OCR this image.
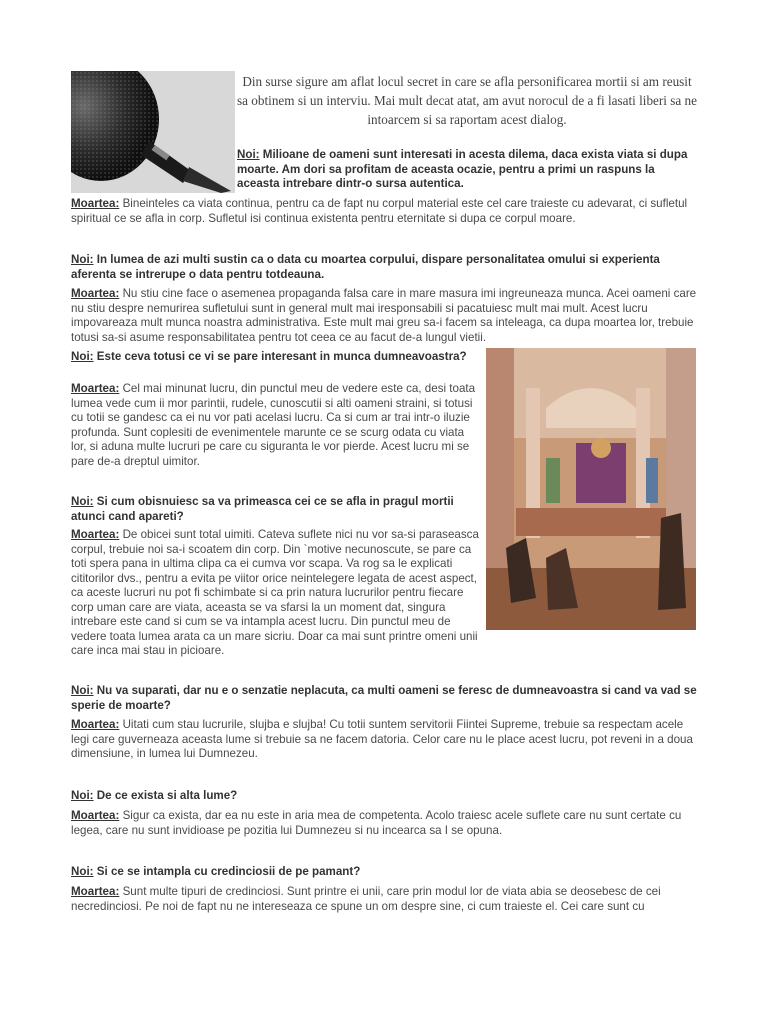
Din surse sigure am aflat locul secret in care se afla personificarea mortii si am reusit sa obtinem si un interviu. Mai mult decat atat, am avut norocul de a fi lasati liberi sa ne intoarcem si sa raportam acest dialog.
Noi: Milioane de oameni sunt interesati in acesta dilema, daca exista viata si dupa moarte. Am dori sa profitam de aceasta ocazie, pentru a primi un raspuns la aceasta intrebare dintr-o sursa autentica.
Moartea: Bineinteles ca viata continua, pentru ca de fapt nu corpul material este cel care traieste cu adevarat, ci sufletul spiritual ce se afla in corp. Sufletul isi continua existenta pentru eternitate si dupa ce corpul moare.
Noi: In lumea de azi multi sustin ca o data cu moartea corpului, dispare personalitatea omului si experienta aferenta se intrerupe o data pentru totdeauna.
Moartea: Nu stiu cine face o asemenea propaganda falsa care in mare masura imi ingreuneaza munca. Acei oameni care nu stiu despre nemurirea sufletului sunt in general mult mai iresponsabili si pacatuiesc mult mai mult. Acest lucru impovareaza mult munca noastra administrativa. Este mult mai greu sa-i facem sa inteleaga, ca dupa moartea lor, trebuie totusi sa-si asume responsabilitatea pentru tot ceea ce au facut de-a lungul vietii.
Noi: Este ceva totusi ce vi se pare interesant in munca dumneavoastra?
Moartea: Cel mai minunat lucru, din punctul meu de vedere este ca, desi toata lumea vede cum ii mor parintii, rudele, cunoscutii si alti oameni straini, si totusi cu totii se gandesc ca ei nu vor pati acelasi lucru. Ca si cum ar trai intr-o iluzie profunda. Sunt coplesiti de evenimentele marunte ce se scurg odata cu viata lor, si aduna multe lucruri pe care cu siguranta le vor pierde. Acest lucru mi se pare de-a dreptul uimitor.
Noi: Si cum obisnuiesc sa va primeasca cei ce se afla in pragul mortii atunci cand apareti?
Moartea: De obicei sunt total uimiti. Cateva suflete nici nu vor sa-si paraseasca corpul, trebuie noi sa-i scoatem din corp. Din `motive necunoscute, se pare ca toti spera pana in ultima clipa ca ei cumva vor scapa. Va rog sa le explicati cititorilor dvs., pentru a evita pe viitor orice neintelegere legata de acest aspect, ca aceste lucruri nu pot fi schimbate si ca prin natura lucrurilor pentru fiecare corp uman care are viata, aceasta se va sfarsi la un moment dat, singura intrebare este cand si cum se va intampla acest lucru. Din punctul meu de vedere toata lumea arata ca un mare sicriu. Doar ca mai sunt printre omeni unii care inca mai stau in picioare.
Noi: Nu va suparati, dar nu e o senzatie neplacuta, ca multi oameni se feresc de dumneavoastra si cand va vad se sperie de moarte?
Moartea: Uitati cum stau lucrurile, slujba e slujba! Cu totii suntem servitorii Fiintei Supreme, trebuie sa respectam acele legi care guverneaza aceasta lume si trebuie sa ne facem datoria. Celor care nu le place acest lucru, pot reveni in a doua dimensiune, in lumea lui Dumnezeu.
Noi: De ce exista si alta lume?
Moartea: Sigur ca exista, dar ea nu este in aria mea de competenta. Acolo traiesc acele suflete care nu sunt certate cu legea, care nu sunt invidioase pe pozitia lui Dumnezeu si nu incearca sa I se opuna.
Noi: Si ce se intampla cu credinciosii de pe pamant?
Moartea: Sunt multe tipuri de credinciosi. Sunt printre ei unii, care prin modul lor de viata abia se deosebesc de cei necredinciosi. Pe noi de fapt nu ne intereseaza ce spune un om despre sine, ci cum traieste el. Cei care sunt cu
